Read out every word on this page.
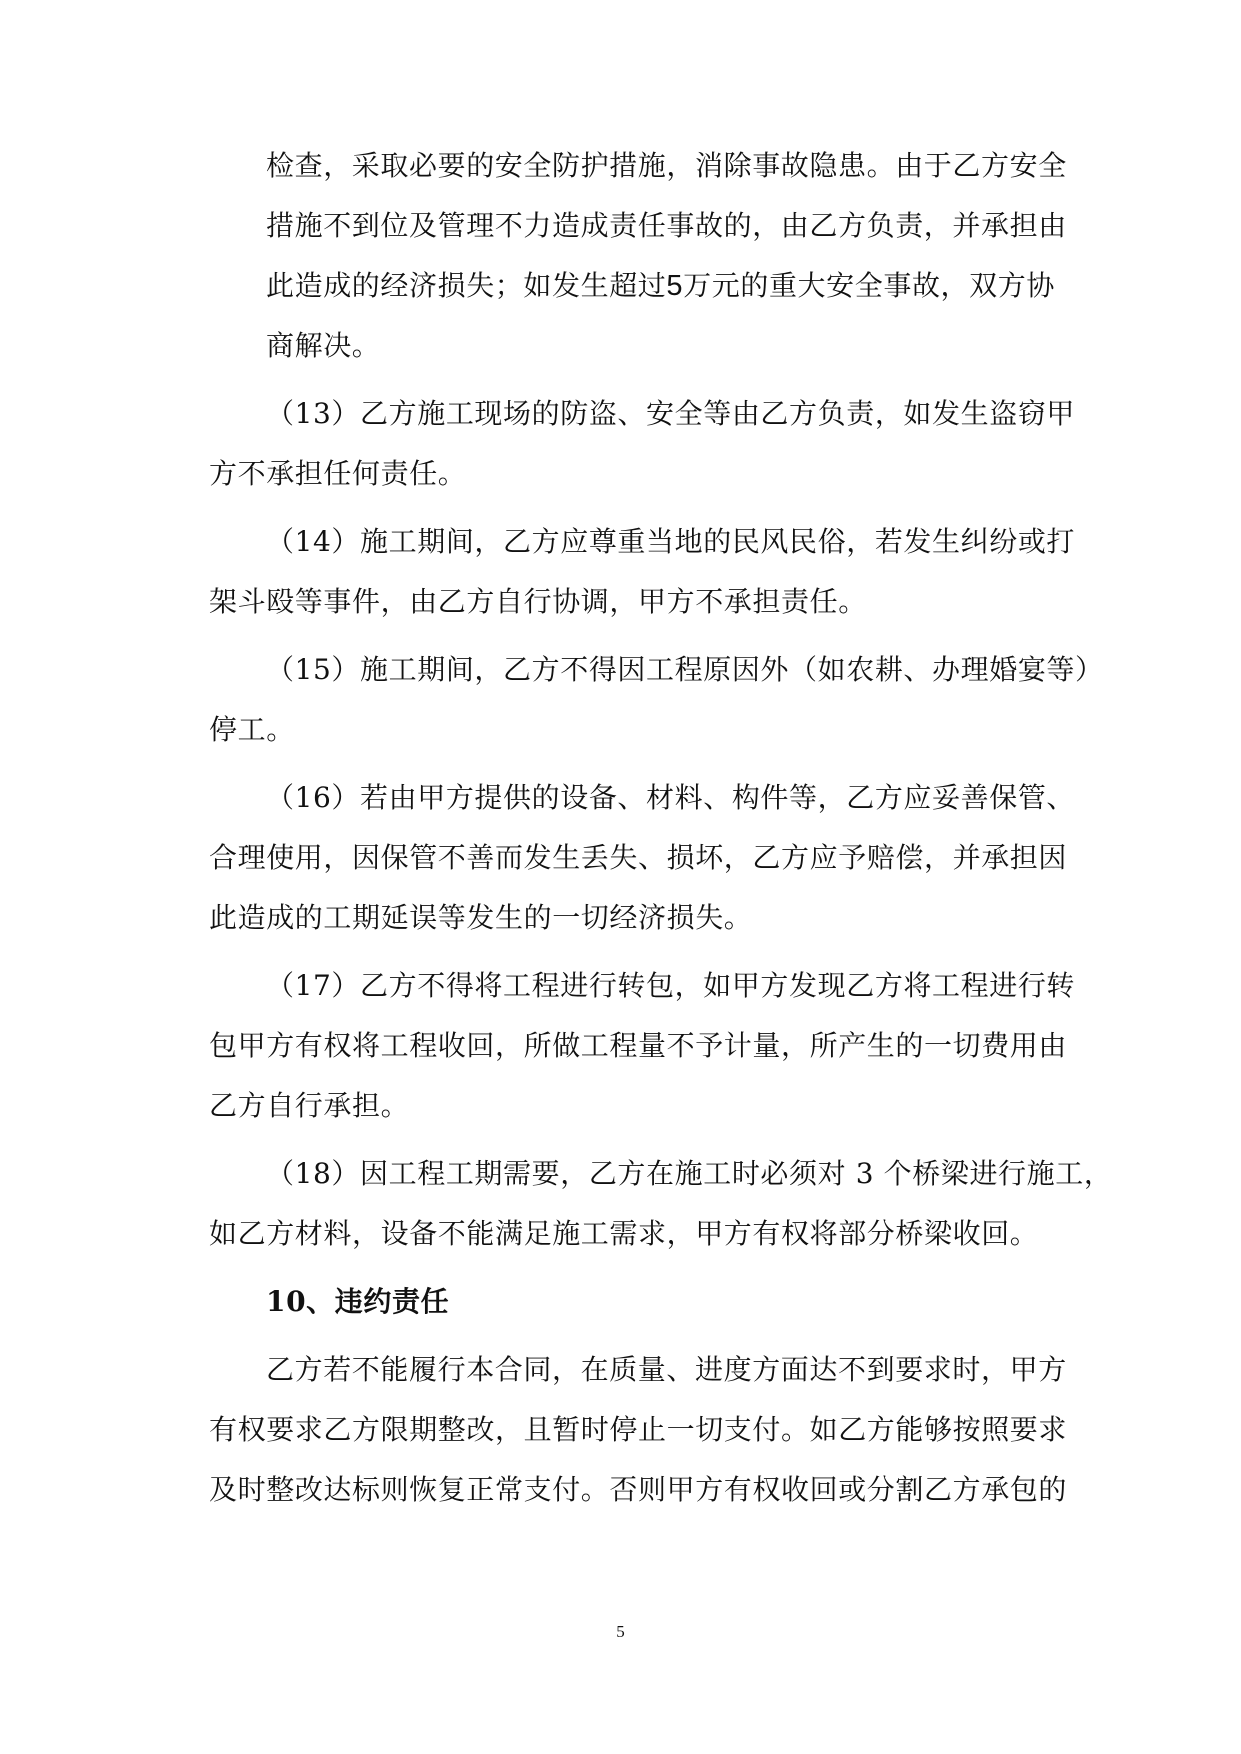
检查，采取必要的安全防护措施，消除事故隐患。由于乙方安全
措施不到位及管理不力造成责任事故的，由乙方负责，并承担由
此造成的经济损失；如发生超过5万元的重大安全事故，双方协
商解决。
（13）乙方施工现场的防盗、安全等由乙方负责，如发生盗窃甲
方不承担任何责任。
（14）施工期间，乙方应尊重当地的民风民俗，若发生纠纷或打
架斗殴等事件，由乙方自行协调，甲方不承担责任。
（15）施工期间，乙方不得因工程原因外（如农耕、办理婚宴等）
停工。
（16）若由甲方提供的设备、材料、构件等，乙方应妥善保管、
合理使用，因保管不善而发生丢失、损坏，乙方应予赔偿，并承担因
此造成的工期延误等发生的一切经济损失。
（17）乙方不得将工程进行转包，如甲方发现乙方将工程进行转
包甲方有权将工程收回，所做工程量不予计量，所产生的一切费用由
乙方自行承担。
（18）因工程工期需要，乙方在施工时必须对 3 个桥梁进行施工，
如乙方材料，设备不能满足施工需求，甲方有权将部分桥梁收回。
10、违约责任
乙方若不能履行本合同，在质量、进度方面达不到要求时，甲方
有权要求乙方限期整改，且暂时停止一切支付。如乙方能够按照要求
及时整改达标则恢复正常支付。否则甲方有权收回或分割乙方承包的
5
